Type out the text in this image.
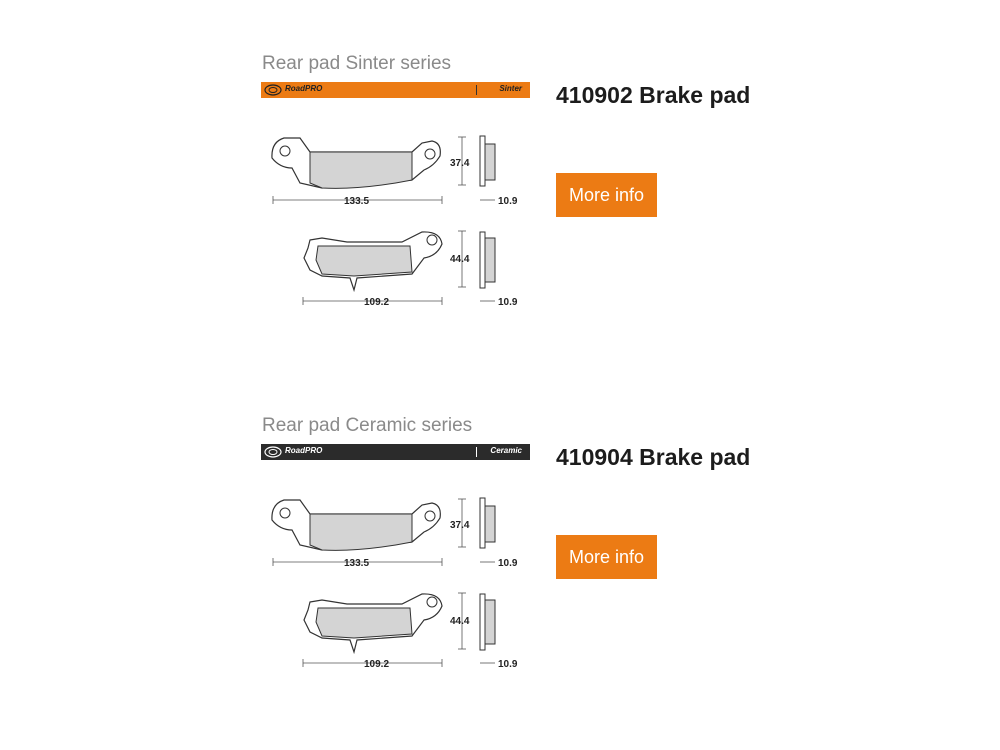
Rear pad Sinter series
RoadPRO	Sinter 410902 Brake pad
37.4
133.5	10.9
44.4
109.2	10.9
More info
Rear pad Ceramic series
RoadPRO	Ceramic 410904 Brake pad
37.4
133.5	10.9
44.4
109.2	10.9
More info
